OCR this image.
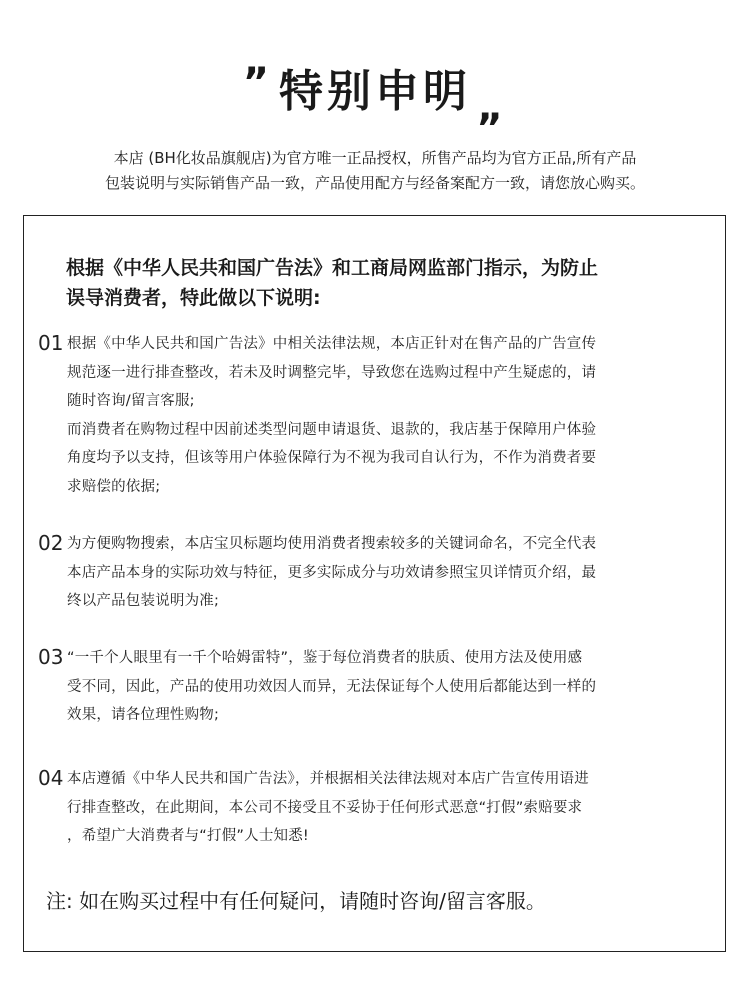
” 特别申明 „

本店 (BH化妆品旗舰店)为官方唯一正品授权，所售产品均为官方正品,所有产品

包装说明与实际销售产品一致，产品使用配方与经备案配方一致，请您放心购买。

根据《中华人民共和国广告法》和工商局网监部门指示，为防止

误导消费者，特此做以下说明:

01 根据《中华人民共和国广告法》中相关法律法规，本店正针对在售产品的广告宣传

规范逐一进行排查整改，若未及时调整完毕，导致您在选购过程中产生疑虑的，请

随时咨询/留言客服;

而消费者在购物过程中因前述类型问题申请退货、退款的，我店基于保障用户体验

角度均予以支持，但该等用户体验保障行为不视为我司自认行为，不作为消费者要

求赔偿的依据;

02 为方便购物搜索，本店宝贝标题均使用消费者搜索较多的关键词命名，不完全代表

本店产品本身的实际功效与特征，更多实际成分与功效请参照宝贝详情页介绍，最

终以产品包装说明为准;

03 “一千个人眼里有一千个哈姆雷特”，鉴于每位消费者的肤质、使用方法及使用感

受不同，因此，产品的使用功效因人而异，无法保证每个人使用后都能达到一样的

效果，请各位理性购物;

04 本店遵循《中华人民共和国广告法》，并根据相关法律法规对本店广告宣传用语进

行排查整改，在此期间，本公司不接受且不妥协于任何形式恶意“打假”索赔要求

，希望广大消费者与“打假”人士知悉!

注: 如在购买过程中有任何疑问，请随时咨询/留言客服。
